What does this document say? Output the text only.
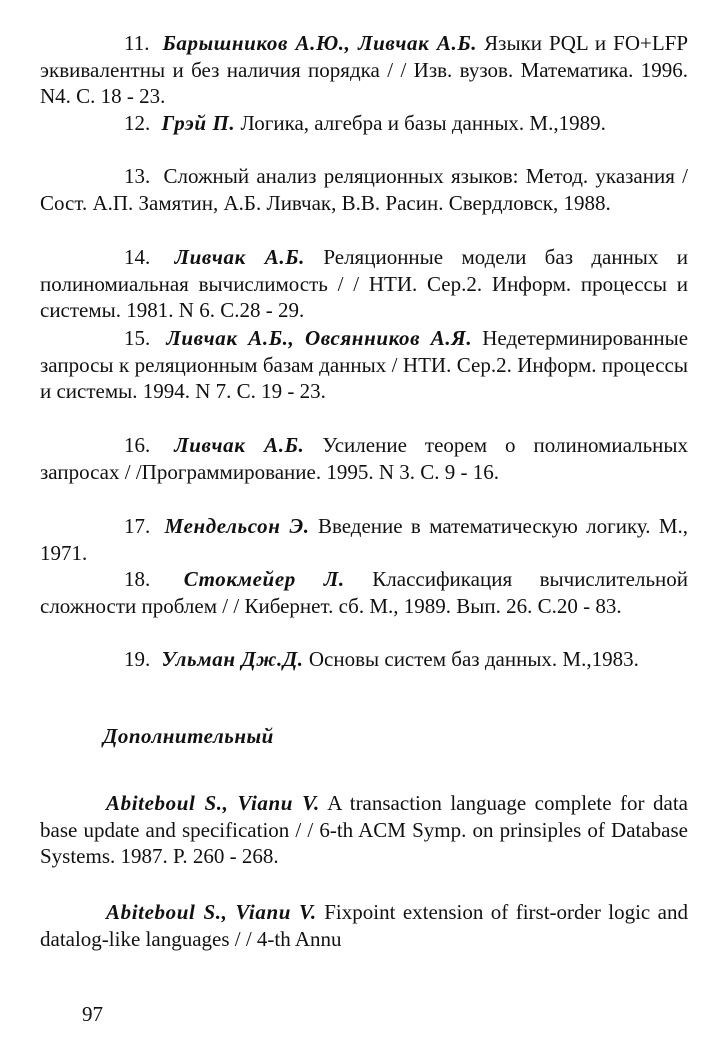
11. Барышников А.Ю., Ливчак А.Б. Языки PQL и FO+LFP эквивалентны и без наличия порядка / / Изв. вузов. Математика. 1996. N4. С. 18 - 23.

12. Грэй П. Логика, алгебра и базы данных. М.,1989.

13. Сложный анализ реляционных языков: Метод. указания / Сост. А.П. Замятин, А.Б. Ливчак, В.В. Расин. Свердловск, 1988.

14. Ливчак А.Б. Реляционные модели баз данных и полиномиальная вычислимость / / НТИ. Сер.2. Информ. процессы и системы. 1981. N 6. С.28 - 29.

15. Ливчак А.Б., Овсянников А.Я. Недетерминированные запросы к реляционным базам данных / НТИ. Сер.2. Информ. процессы и системы. 1994. N 7. С. 19 - 23.

16. Ливчак А.Б. Усиление теорем о полиномиальных запросах / /Программирование. 1995. N 3. С. 9 - 16.

17. Мендельсон Э. Введение в математическую логику. М., 1971.

18. Стокмейер Л. Классификация вычислительной сложности проблем / / Кибернет. сб. М., 1989. Вып. 26. С.20 - 83.

19. Ульман Дж.Д. Основы систем баз данных. М.,1983.

Дополнительный

Abiteboul S., Vianu V. A transaction language complete for data base update and specification / / 6-th ACM Symp. on prinsiples of Database Systems. 1987. P. 260 - 268.

Abiteboul S., Vianu V. Fixpoint extension of first-order logic and datalog-like languages / / 4-th Annu

97
